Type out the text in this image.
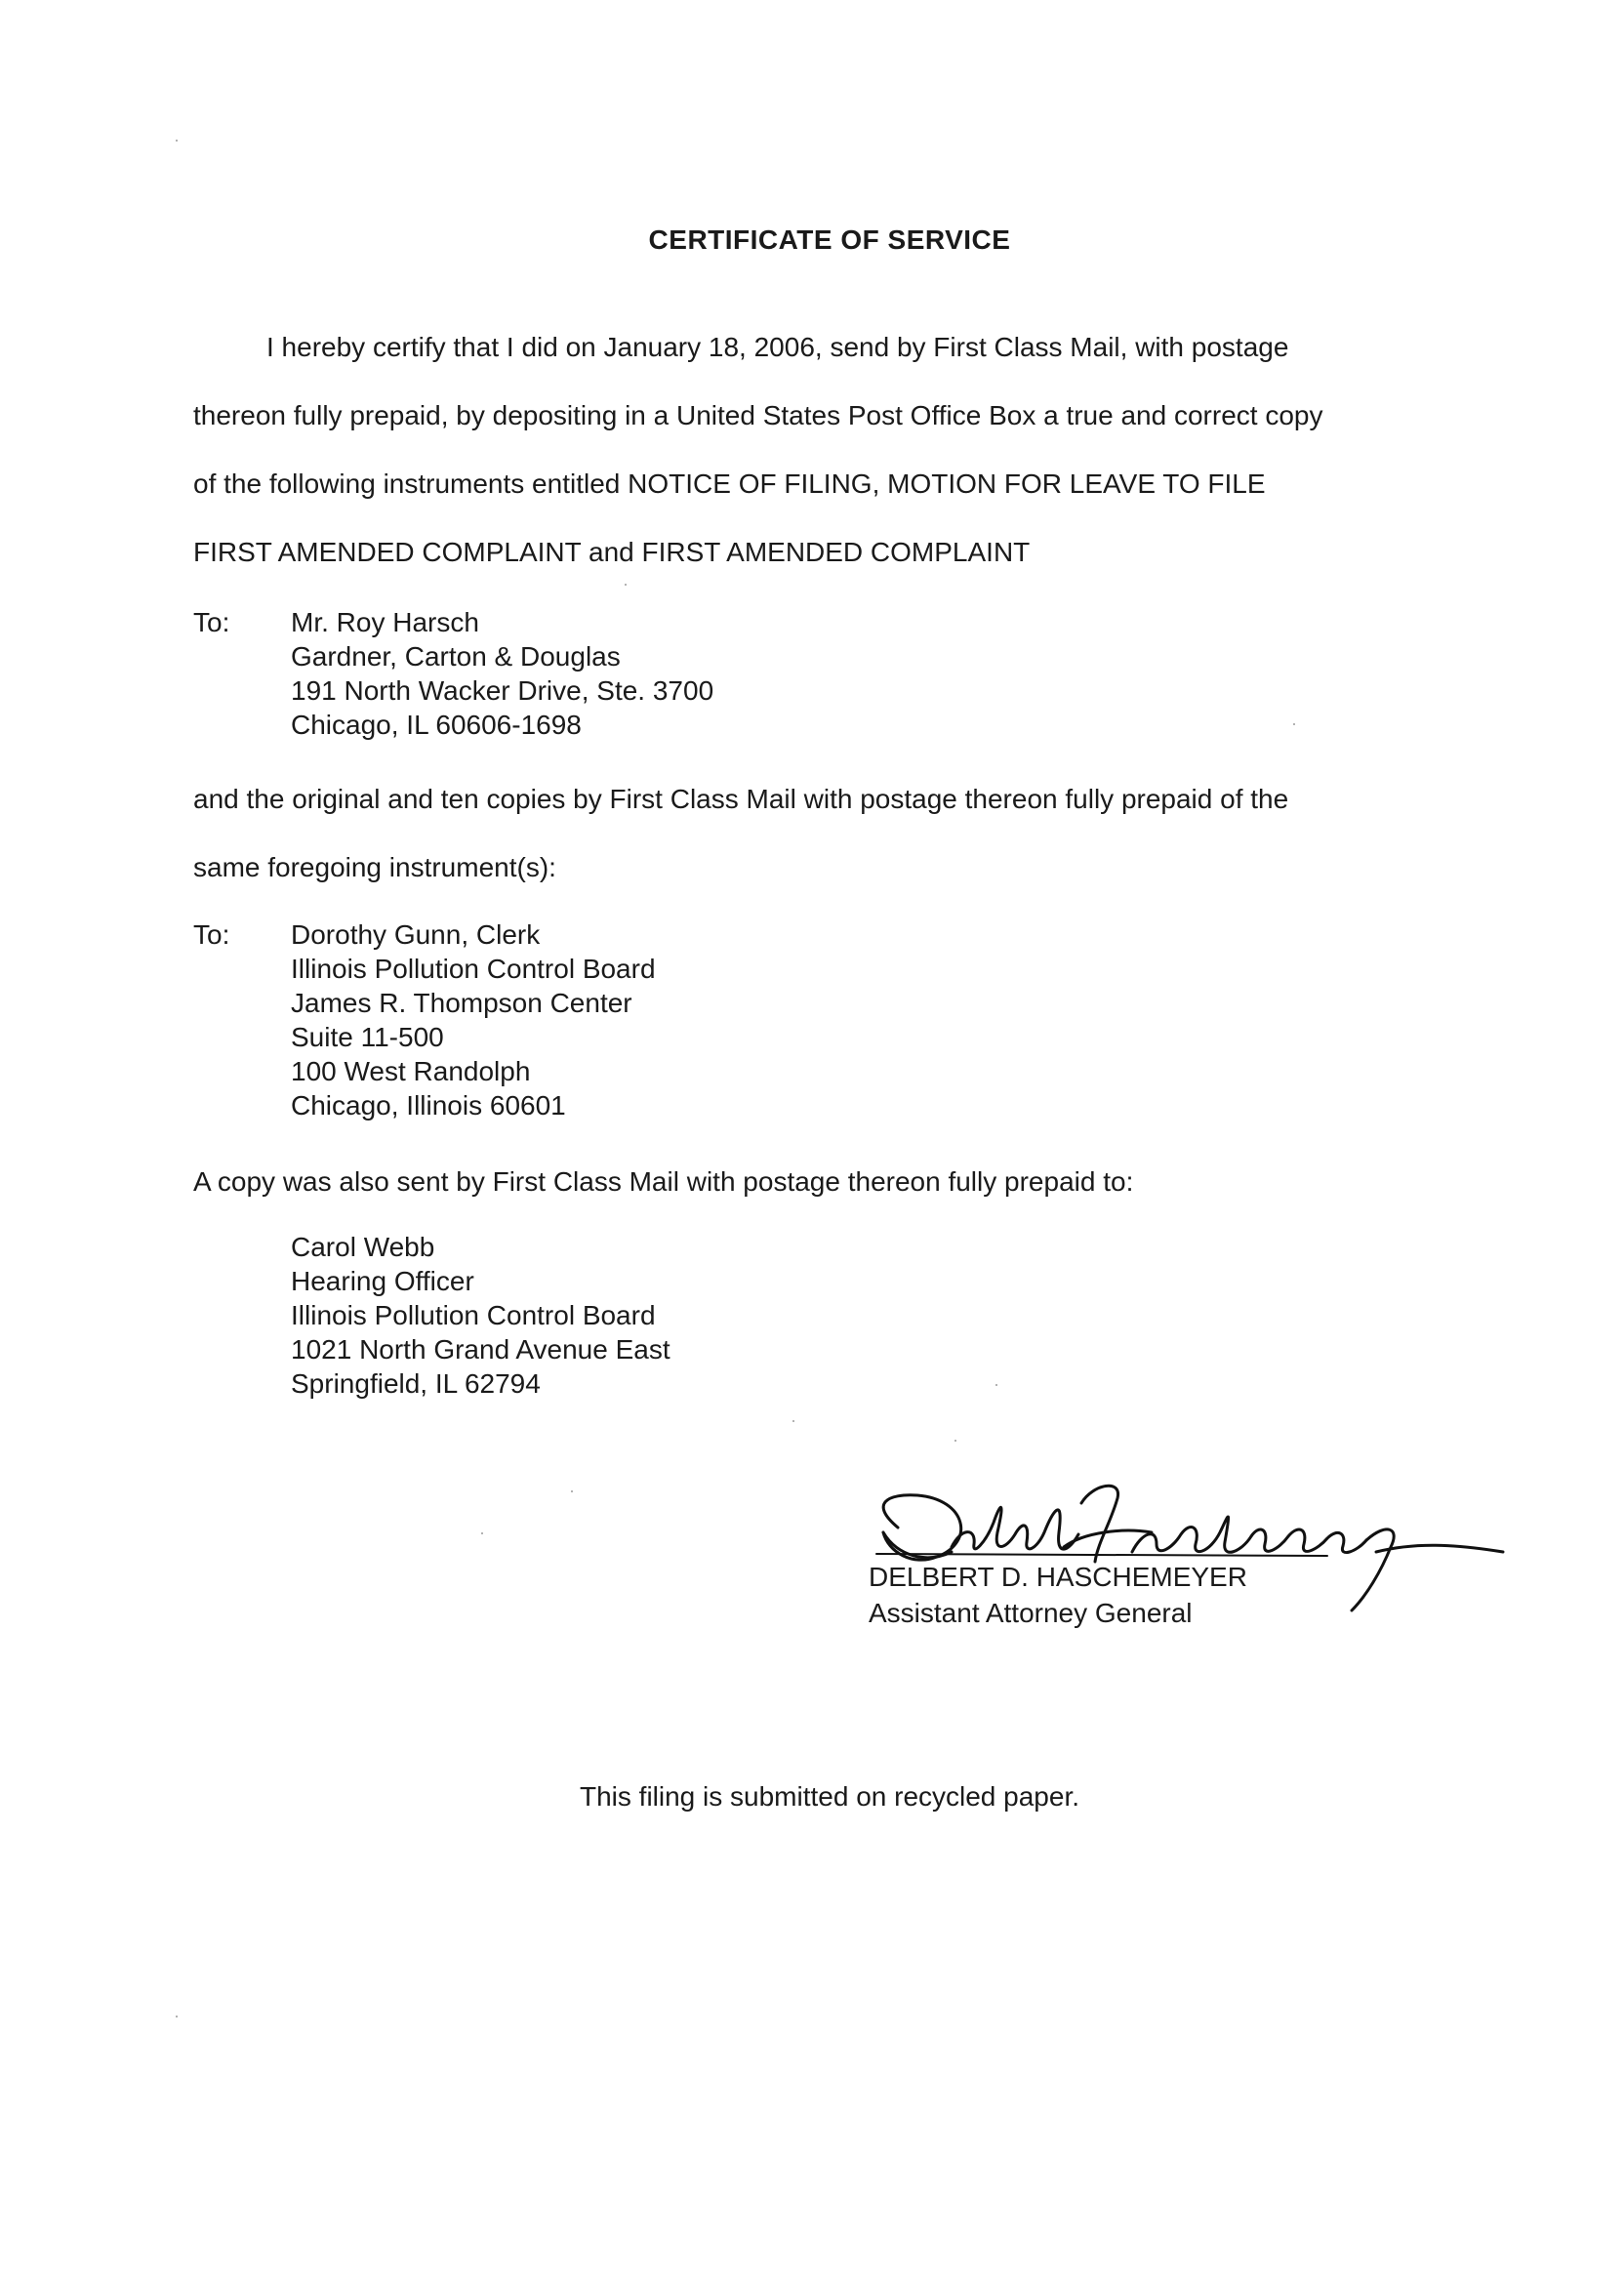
CERTIFICATE OF SERVICE
I hereby certify that I did on January 18, 2006, send by First Class Mail, with postage
thereon fully prepaid, by depositing in a United States Post Office Box a true and correct copy
of the following instruments entitled NOTICE OF FILING, MOTION FOR LEAVE TO FILE
FIRST AMENDED COMPLAINT and FIRST AMENDED COMPLAINT
To: Mr. Roy Harsch
Gardner, Carton & Douglas
191 North Wacker Drive, Ste. 3700
Chicago, IL 60606-1698
and the original and ten copies by First Class Mail with postage thereon fully prepaid of the
same foregoing instrument(s):
To: Dorothy Gunn, Clerk
Illinois Pollution Control Board
James R. Thompson Center
Suite 11-500
100 West Randolph
Chicago, Illinois 60601
A copy was also sent by First Class Mail with postage thereon fully prepaid to:
Carol Webb
Hearing Officer
Illinois Pollution Control Board
1021 North Grand Avenue East
Springfield, IL 62794
DELBERT D. HASCHEMEYER
Assistant Attorney General
This filing is submitted on recycled paper.
